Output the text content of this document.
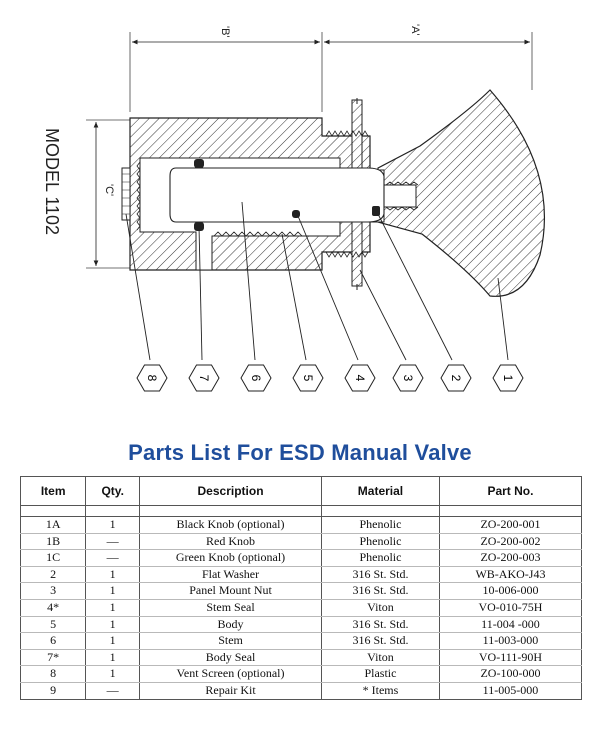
MODEL 1102
'B'	'A'
'C'
8	7	6	5	4	3	2	1
Parts List For ESD Manual Valve
Item	Qty.	Description	Material	Part No.

1A	1	Black Knob (optional)	Phenolic	ZO-200-001
1B	—	Red Knob	Phenolic	ZO-200-002
1C	—	Green Knob (optional)	Phenolic	ZO-200-003
2	1	Flat Washer	316 St. Std.	WB-AKO-J43
3	1	Panel Mount Nut	316 St. Std.	10-006-000
4*	1	Stem Seal	Viton	VO-010-75H
5	1	Body	316 St. Std.	11-004 -000
6	1	Stem	316 St. Std.	11-003-000
7*	1	Body Seal	Viton	VO-111-90H
8	1	Vent Screen (optional)	Plastic	ZO-100-000
9	—	Repair Kit	* Items	11-005-000
